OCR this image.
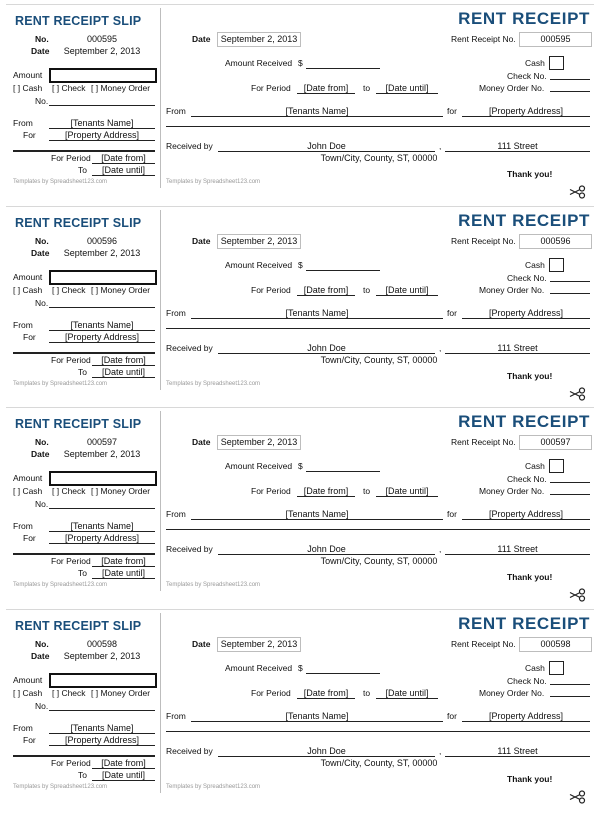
RENT RECEIPT SLIP
No.	000595
Date September 2, 2013
Amount
[ ] Cash [ ] Check [ ] Money Order
No.
From	[Tenants Name]
For	[Property Address]
For Period	[Date from]
To	[Date until]
Templates by Spreadsheet123.com
RENT RECEIPT
Date	September 2, 2013	Rent Receipt No.	000595
Amount Received $	Cash
Check No.
For Period	[Date from]	to	[Date until]	Money Order No.
From	[Tenants Name]	for	[Property Address]
Received by	John Doe	,	111 Street
Town/City, County, ST, 00000
Thank you!
Templates by Spreadsheet123.com
RENT RECEIPT SLIP
No.	000596
Date September 2, 2013
Amount
[ ] Cash [ ] Check [ ] Money Order
No.
From	[Tenants Name]
For	[Property Address]
For Period	[Date from]
To	[Date until]
Templates by Spreadsheet123.com
RENT RECEIPT
Date	September 2, 2013	Rent Receipt No.	000596
Amount Received $	Cash
Check No.
For Period	[Date from]	to	[Date until]	Money Order No.
From	[Tenants Name]	for	[Property Address]
Received by	John Doe	,	111 Street
Town/City, County, ST, 00000
Thank you!
Templates by Spreadsheet123.com
RENT RECEIPT SLIP
No.	000597
Date September 2, 2013
Amount
[ ] Cash [ ] Check [ ] Money Order
No.
From	[Tenants Name]
For	[Property Address]
For Period	[Date from]
To	[Date until]
Templates by Spreadsheet123.com
RENT RECEIPT
Date	September 2, 2013	Rent Receipt No.	000597
Amount Received $	Cash
Check No.
For Period	[Date from]	to	[Date until]	Money Order No.
From	[Tenants Name]	for	[Property Address]
Received by	John Doe	,	111 Street
Town/City, County, ST, 00000
Thank you!
Templates by Spreadsheet123.com
RENT RECEIPT SLIP
No.	000598
Date September 2, 2013
Amount
[ ] Cash [ ] Check [ ] Money Order
No.
From	[Tenants Name]
For	[Property Address]
For Period	[Date from]
To	[Date until]
Templates by Spreadsheet123.com
RENT RECEIPT
Date	September 2, 2013	Rent Receipt No.	000598
Amount Received $	Cash
Check No.
For Period	[Date from]	to	[Date until]	Money Order No.
From	[Tenants Name]	for	[Property Address]
Received by	John Doe	,	111 Street
Town/City, County, ST, 00000
Thank you!
Templates by Spreadsheet123.com
